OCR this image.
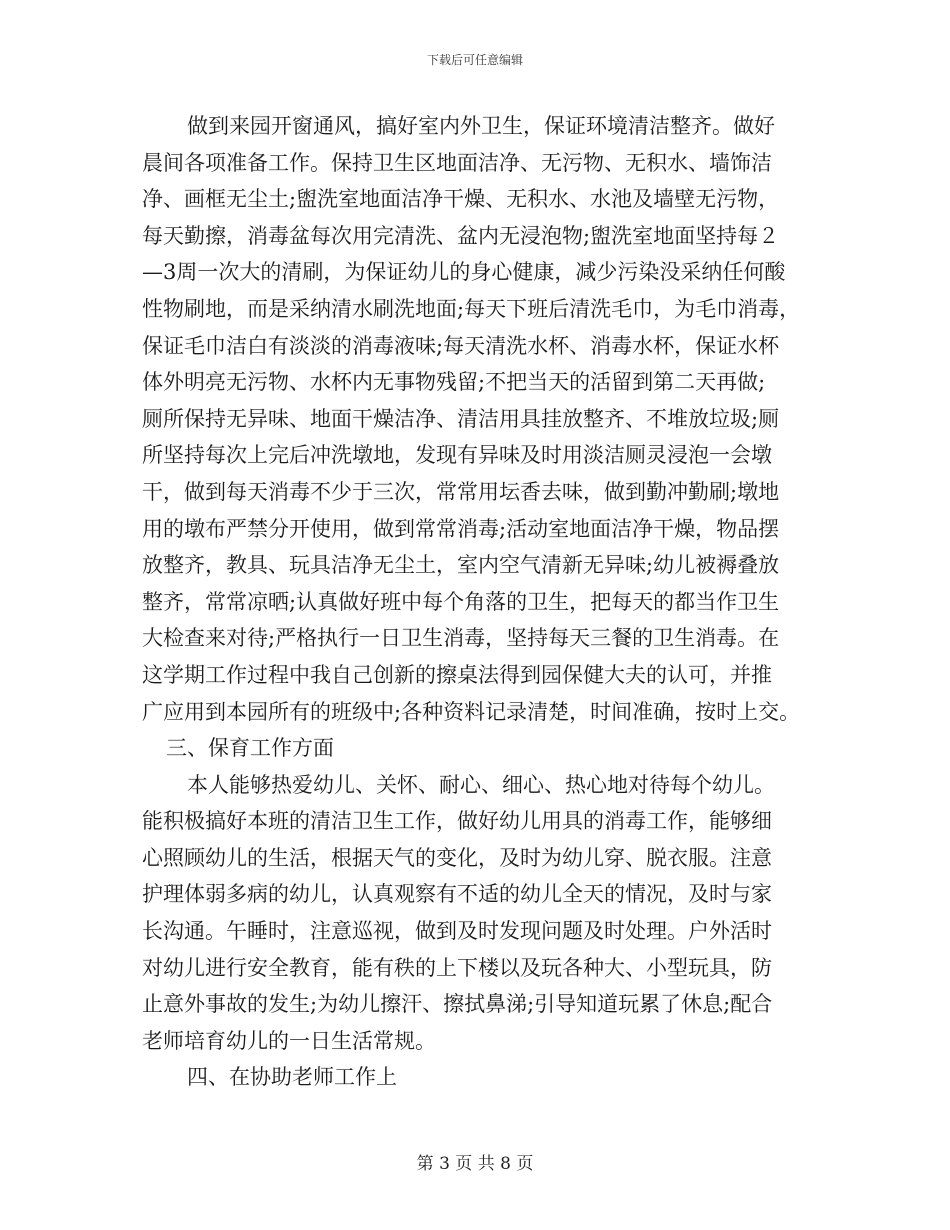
下载后可任意编辑
做到来园开窗通风，搞好室内外卫生，保证环境清洁整齐。做好
晨间各项准备工作。保持卫生区地面洁净、无污物、无积水、墙饰洁
净、画框无尘土;盥洗室地面洁净干燥、无积水、水池及墙壁无污物，
每天勤擦，消毒盆每次用完清洗、盆内无浸泡物;盥洗室地面坚持每２
—3周一次大的清刷，为保证幼儿的身心健康，减少污染没采纳任何酸
性物刷地，而是采纳清水刷洗地面;每天下班后清洗毛巾，为毛巾消毒，
保证毛巾洁白有淡淡的消毒液味;每天清洗水杯、消毒水杯，保证水杯
体外明亮无污物、水杯内无事物残留;不把当天的活留到第二天再做;
厕所保持无异味、地面干燥洁净、清洁用具挂放整齐、不堆放垃圾;厕
所坚持每次上完后冲洗墩地，发现有异味及时用淡洁厕灵浸泡一会墩
干，做到每天消毒不少于三次，常常用坛香去味，做到勤冲勤刷;墩地
用的墩布严禁分开使用，做到常常消毒;活动室地面洁净干燥，物品摆
放整齐，教具、玩具洁净无尘土，室内空气清新无异味;幼儿被褥叠放
整齐，常常凉晒;认真做好班中每个角落的卫生，把每天的都当作卫生
大检查来对待;严格执行一日卫生消毒，坚持每天三餐的卫生消毒。在
这学期工作过程中我自己创新的擦桌法得到园保健大夫的认可，并推
广应用到本园所有的班级中;各种资料记录清楚，时间准确，按时上交。
三、保育工作方面
本人能够热爱幼儿、关怀、耐心、细心、热心地对待每个幼儿。
能积极搞好本班的清洁卫生工作，做好幼儿用具的消毒工作，能够细
心照顾幼儿的生活，根据天气的变化，及时为幼儿穿、脱衣服。注意
护理体弱多病的幼儿，认真观察有不适的幼儿全天的情况，及时与家
长沟通。午睡时，注意巡视，做到及时发现问题及时处理。户外活时
对幼儿进行安全教育，能有秩的上下楼以及玩各种大、小型玩具，防
止意外事故的发生;为幼儿擦汗、擦拭鼻涕;引导知道玩累了休息;配合
老师培育幼儿的一日生活常规。
四、在协助老师工作上
第 3 页 共 8 页
